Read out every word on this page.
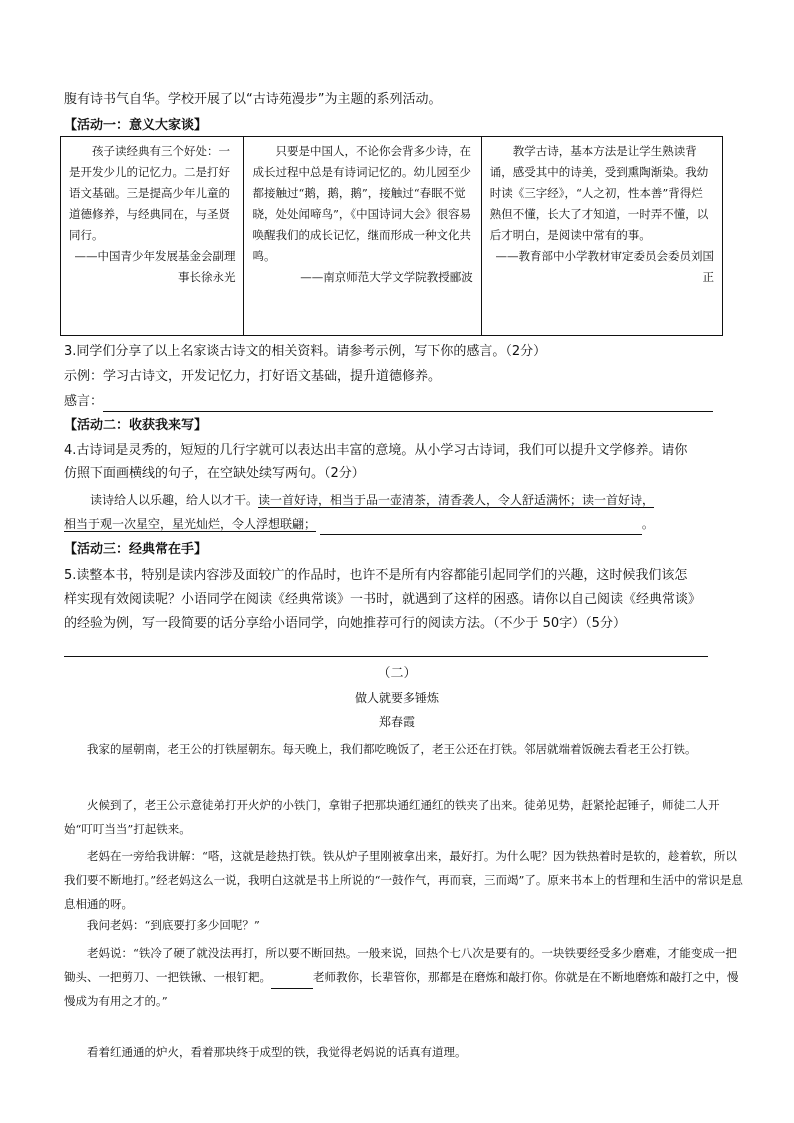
腹有诗书气自华。学校开展了以“古诗苑漫步”为主题的系列活动。
【活动一：意义大家谈】
孩子读经典有三个好处：一是开发少儿的记忆力。二是打好语文基础。三是提高少年儿童的道德修养，与经典同在，与圣贤同行。
——中国青少年发展基金会副理事长徐永光
只要是中国人，不论你会背多少诗，在成长过程中总是有诗词记忆的。幼儿园至少都接触过“鹅，鹅，鹅”，接触过“春眠不觉晓，处处闻啼鸟”，《中国诗词大会》很容易唤醒我们的成长记忆，继而形成一种文化共鸣。
——南京师范大学文学院教授郦波
教学古诗，基本方法是让学生熟读背诵，感受其中的诗美，受到熏陶渐染。我幼时读《三字经》，“人之初，性本善”背得烂熟但不懂，长大了才知道，一时弄不懂，以后才明白，是阅读中常有的事。
——教育部中小学教材审定委员会委员刘国正
3.同学们分享了以上名家谈古诗文的相关资料。请参考示例，写下你的感言。（2分）
示例：学习古诗文，开发记忆力，打好语文基础，提升道德修养。
感言：
【活动二：收获我来写】
4.古诗词是灵秀的，短短的几行字就可以表达出丰富的意境。从小学习古诗词，我们可以提升文学修养。请你
仿照下面画横线的句子，在空缺处续写两句。（2分）
读诗给人以乐趣，给人以才干。读一首好诗，相当于品一壶清茶，清香袭人，令人舒适满怀；读一首好诗，
相当于观一次星空，星光灿烂，令人浮想联翩；	。
【活动三：经典常在手】
5.读整本书，特别是读内容涉及面较广的作品时，也许不是所有内容都能引起同学们的兴趣，这时候我们该怎
样实现有效阅读呢？小语同学在阅读《经典常谈》一书时，就遇到了这样的困惑。请你以自己阅读《经典常谈》
的经验为例，写一段简要的话分享给小语同学，向她推荐可行的阅读方法。（不少于 50字）（5分）
（二）
做人就要多锤炼
郑春霞
我家的屋朝南，老王公的打铁屋朝东。每天晚上，我们都吃晚饭了，老王公还在打铁。邻居就端着饭碗去看老王公打铁。
火候到了，老王公示意徒弟打开火炉的小铁门，拿钳子把那块通红通红的铁夹了出来。徒弟见势，赶紧抡起锤子，师徒二人开始“叮叮当当”打起铁来。
老妈在一旁给我讲解：“嗒，这就是趁热打铁。铁从炉子里刚被拿出来，最好打。为什么呢？因为铁热着时是软的，趁着软，所以我们要不断地打。”经老妈这么一说，我明白这就是书上所说的“一鼓作气，再而衰，三而竭”了。原来书本上的哲理和生活中的常识是息息相通的呀。
我问老妈：“到底要打多少回呢？”
老妈说：“铁冷了硬了就没法再打，所以要不断回热。一般来说，回热个七八次是要有的。一块铁要经受多少磨难，才能变成一把锄头、一把剪刀、一把铁锹、一根钉耙。	老师教你，长辈管你，那都是在磨炼和敲打你。你就是在不断地磨炼和敲打之中，慢慢成为有用之才的。”
看着红通通的炉火，看着那块终于成型的铁，我觉得老妈说的话真有道理。
